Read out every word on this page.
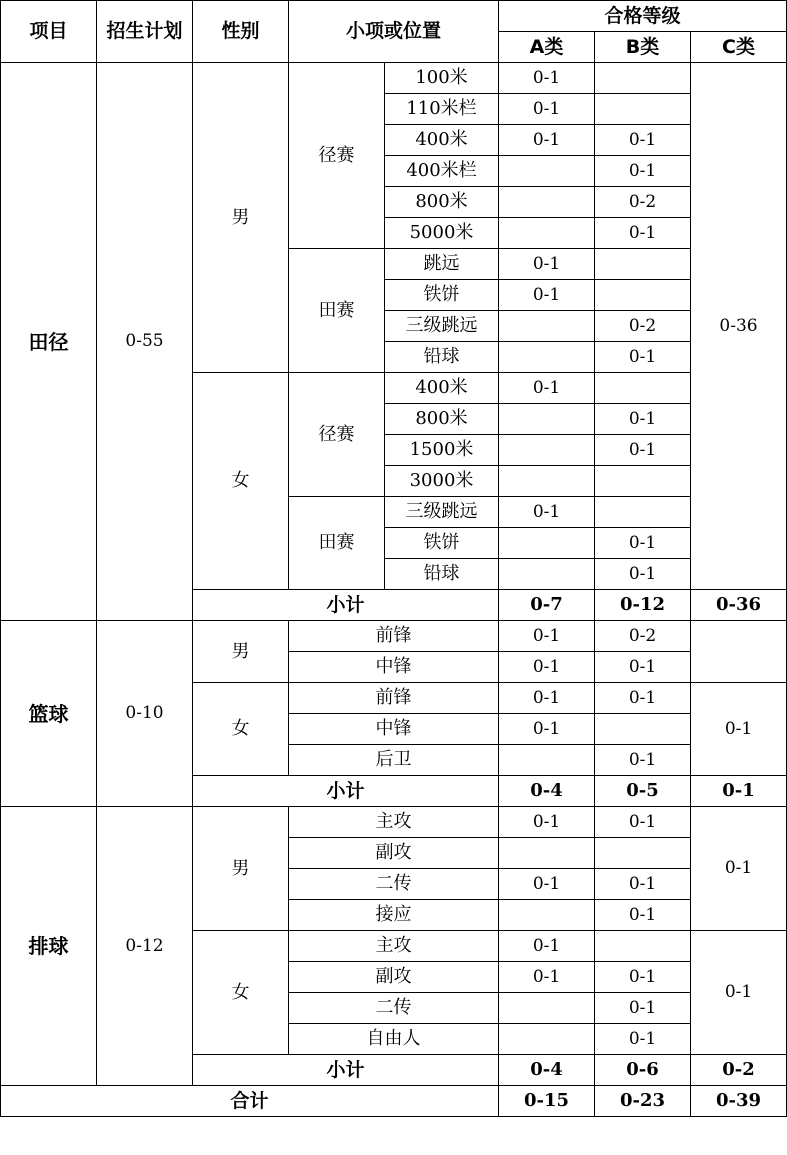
项目	招生计划	性别	小项或位置		合格等级		
					A类	B类	C类
田径	0-55	男	径赛	100米	0-1		0-36
				110米栏	0-1		
				400米	0-1	0-1	
				400米栏		0-1	
				800米		0-2	
				5000米		0-1	
			田赛	跳远	0-1		
				铁饼	0-1		
				三级跳远		0-2	
				铅球		0-1	
		女	径赛	400米	0-1		
				800米		0-1	
				1500米		0-1	
				3000米			
			田赛	三级跳远	0-1		
				铁饼		0-1	
				铅球		0-1	
		小计			0-7	0-12	0-36
篮球	0-10	男	前锋		0-1	0-2	
			中锋		0-1	0-1	
		女	前锋		0-1	0-1	0-1
			中锋		0-1		
			后卫			0-1	
		小计			0-4	0-5	0-1
排球	0-12	男	主攻		0-1	0-1	0-1
			副攻				
			二传		0-1	0-1	
			接应			0-1	
		女	主攻		0-1		0-1
			副攻		0-1	0-1	
			二传			0-1	
			自由人			0-1	
		小计			0-4	0-6	0-2
合计					0-15	0-23	0-39
